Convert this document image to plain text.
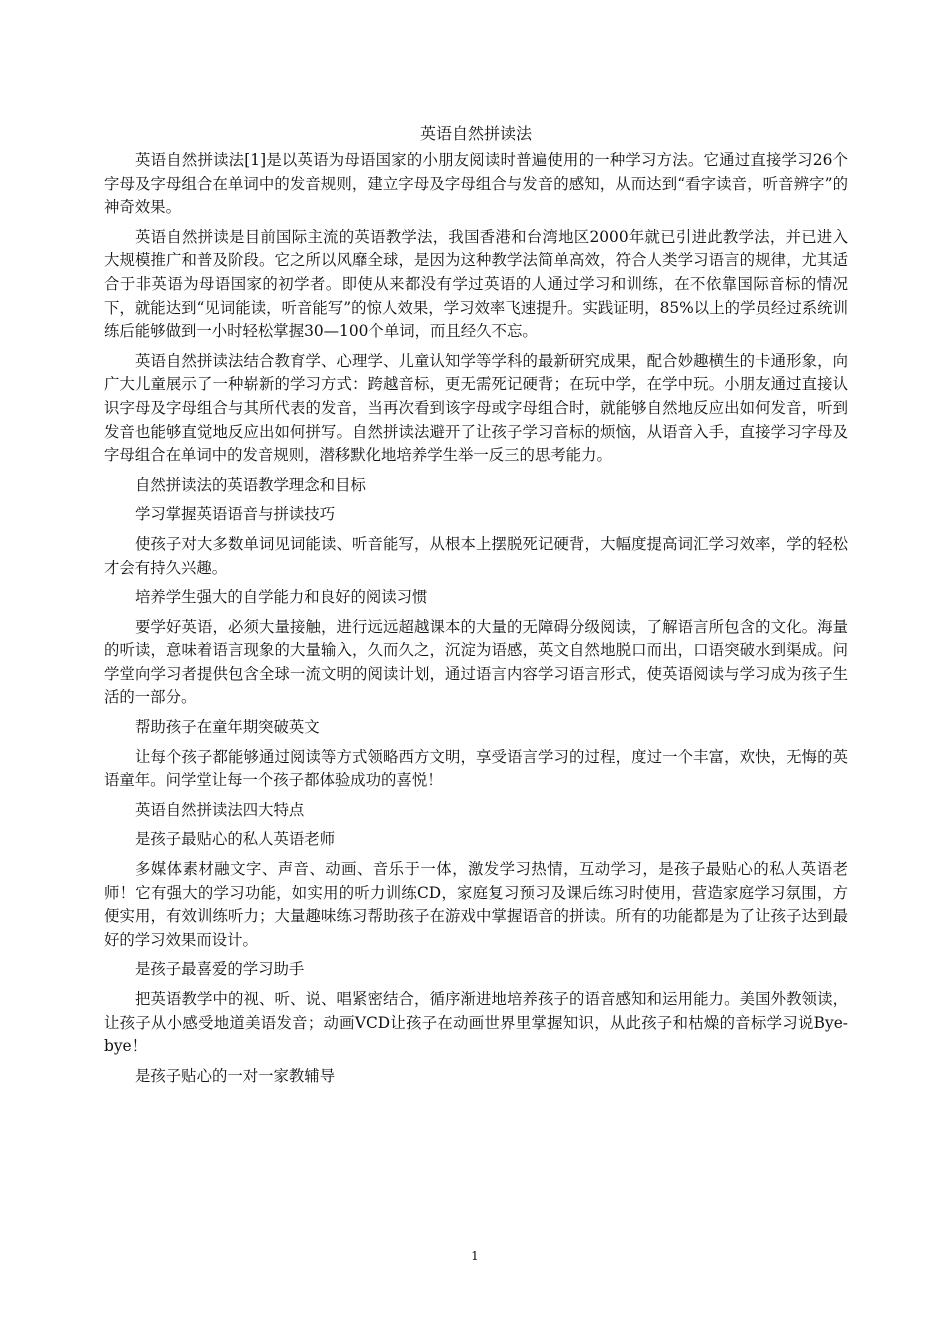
英语自然拼读法

英语自然拼读法[1]是以英语为母语国家的小朋友阅读时普遍使用的一种学习方法。它通过直接学习26个字母及字母组合在单词中的发音规则，建立字母及字母组合与发音的感知，从而达到“看字读音，听音辨字”的神奇效果。

英语自然拼读是目前国际主流的英语教学法，我国香港和台湾地区2000年就已引进此教学法，并已进入大规模推广和普及阶段。它之所以风靡全球，是因为这种教学法简单高效，符合人类学习语言的规律，尤其适合于非英语为母语国家的初学者。即使从来都没有学过英语的人通过学习和训练，在不依靠国际音标的情况下，就能达到“见词能读，听音能写”的惊人效果，学习效率飞速提升。实践证明，85%以上的学员经过系统训练后能够做到一小时轻松掌握30—100个单词，而且经久不忘。

英语自然拼读法结合教育学、心理学、儿童认知学等学科的最新研究成果，配合妙趣横生的卡通形象，向广大儿童展示了一种崭新的学习方式：跨越音标，更无需死记硬背；在玩中学，在学中玩。小朋友通过直接认识字母及字母组合与其所代表的发音，当再次看到该字母或字母组合时，就能够自然地反应出如何发音，听到发音也能够直觉地反应出如何拼写。自然拼读法避开了让孩子学习音标的烦恼，从语音入手，直接学习字母及字母组合在单词中的发音规则，潜移默化地培养学生举一反三的思考能力。

自然拼读法的英语教学理念和目标

学习掌握英语语音与拼读技巧

使孩子对大多数单词见词能读、听音能写，从根本上摆脱死记硬背，大幅度提高词汇学习效率，学的轻松才会有持久兴趣。

培养学生强大的自学能力和良好的阅读习惯

要学好英语，必须大量接触，进行远远超越课本的大量的无障碍分级阅读，了解语言所包含的文化。海量的听读，意味着语言现象的大量输入，久而久之，沉淀为语感，英文自然地脱口而出，口语突破水到渠成。问学堂向学习者提供包含全球一流文明的阅读计划，通过语言内容学习语言形式，使英语阅读与学习成为孩子生活的一部分。

帮助孩子在童年期突破英文

让每个孩子都能够通过阅读等方式领略西方文明，享受语言学习的过程，度过一个丰富，欢快，无悔的英语童年。问学堂让每一个孩子都体验成功的喜悦！

英语自然拼读法四大特点

是孩子最贴心的私人英语老师

多媒体素材融文字、声音、动画、音乐于一体，激发学习热情，互动学习，是孩子最贴心的私人英语老师！它有强大的学习功能，如实用的听力训练CD，家庭复习预习及课后练习时使用，营造家庭学习氛围，方便实用，有效训练听力；大量趣味练习帮助孩子在游戏中掌握语音的拼读。所有的功能都是为了让孩子达到最好的学习效果而设计。

是孩子最喜爱的学习助手

把英语教学中的视、听、说、唱紧密结合，循序渐进地培养孩子的语音感知和运用能力。美国外教领读，让孩子从小感受地道美语发音；动画VCD让孩子在动画世界里掌握知识，从此孩子和枯燥的音标学习说Bye-bye！

是孩子贴心的一对一家教辅导

1
